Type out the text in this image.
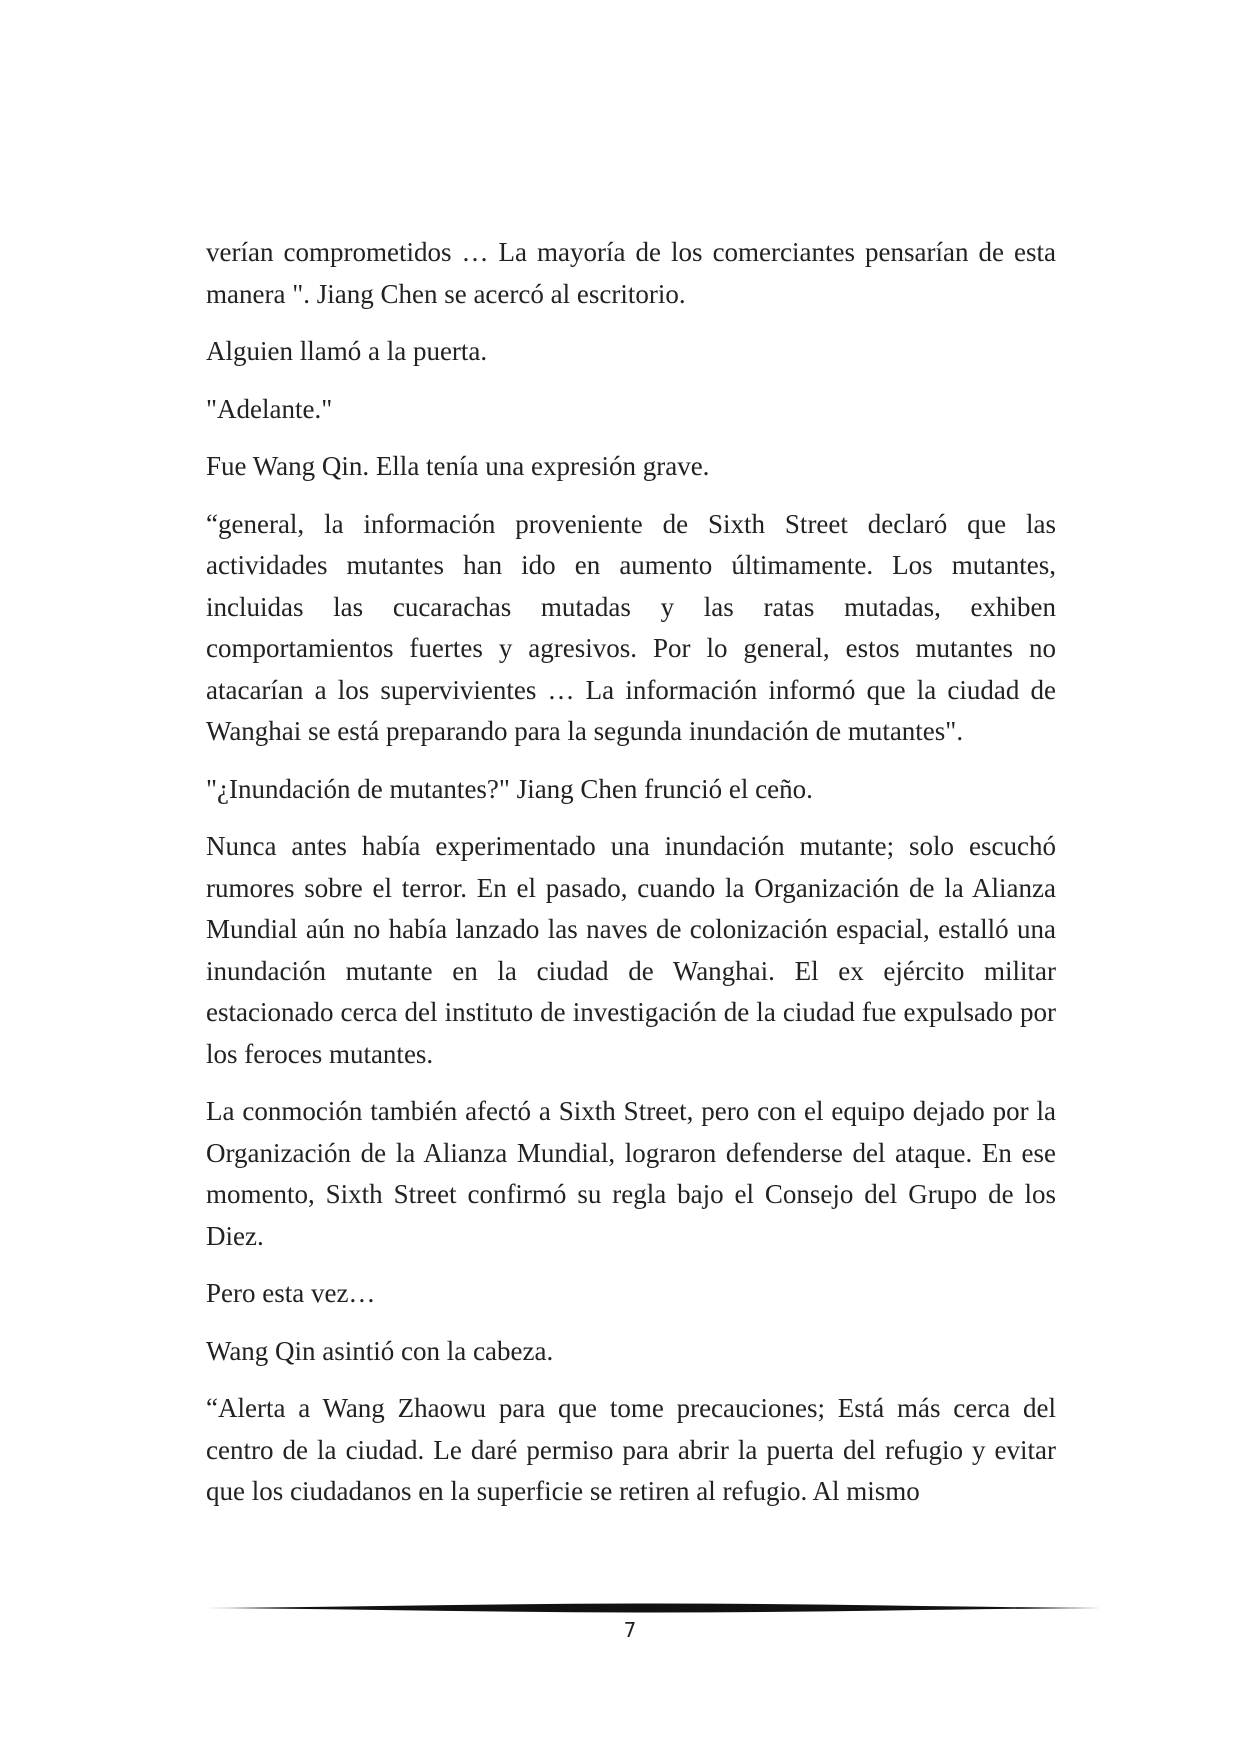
verían comprometidos … La mayoría de los comerciantes pensarían de esta manera ". Jiang Chen se acercó al escritorio.

Alguien llamó a la puerta.

"Adelante."

Fue Wang Qin. Ella tenía una expresión grave.

“general, la información proveniente de Sixth Street declaró que las actividades mutantes han ido en aumento últimamente. Los mutantes, incluidas las cucarachas mutadas y las ratas mutadas, exhiben comportamientos fuertes y agresivos. Por lo general, estos mutantes no atacarían a los supervivientes … La información informó que la ciudad de Wanghai se está preparando para la segunda inundación de mutantes".

"¿Inundación de mutantes?" Jiang Chen frunció el ceño.

Nunca antes había experimentado una inundación mutante; solo escuchó rumores sobre el terror. En el pasado, cuando la Organización de la Alianza Mundial aún no había lanzado las naves de colonización espacial, estalló una inundación mutante en la ciudad de Wanghai. El ex ejército militar estacionado cerca del instituto de investigación de la ciudad fue expulsado por los feroces mutantes.

La conmoción también afectó a Sixth Street, pero con el equipo dejado por la Organización de la Alianza Mundial, lograron defenderse del ataque. En ese momento, Sixth Street confirmó su regla bajo el Consejo del Grupo de los Diez.

Pero esta vez…

Wang Qin asintió con la cabeza.

“Alerta a Wang Zhaowu para que tome precauciones; Está más cerca del centro de la ciudad. Le daré permiso para abrir la puerta del refugio y evitar que los ciudadanos en la superficie se retiren al refugio. Al mismo

7
